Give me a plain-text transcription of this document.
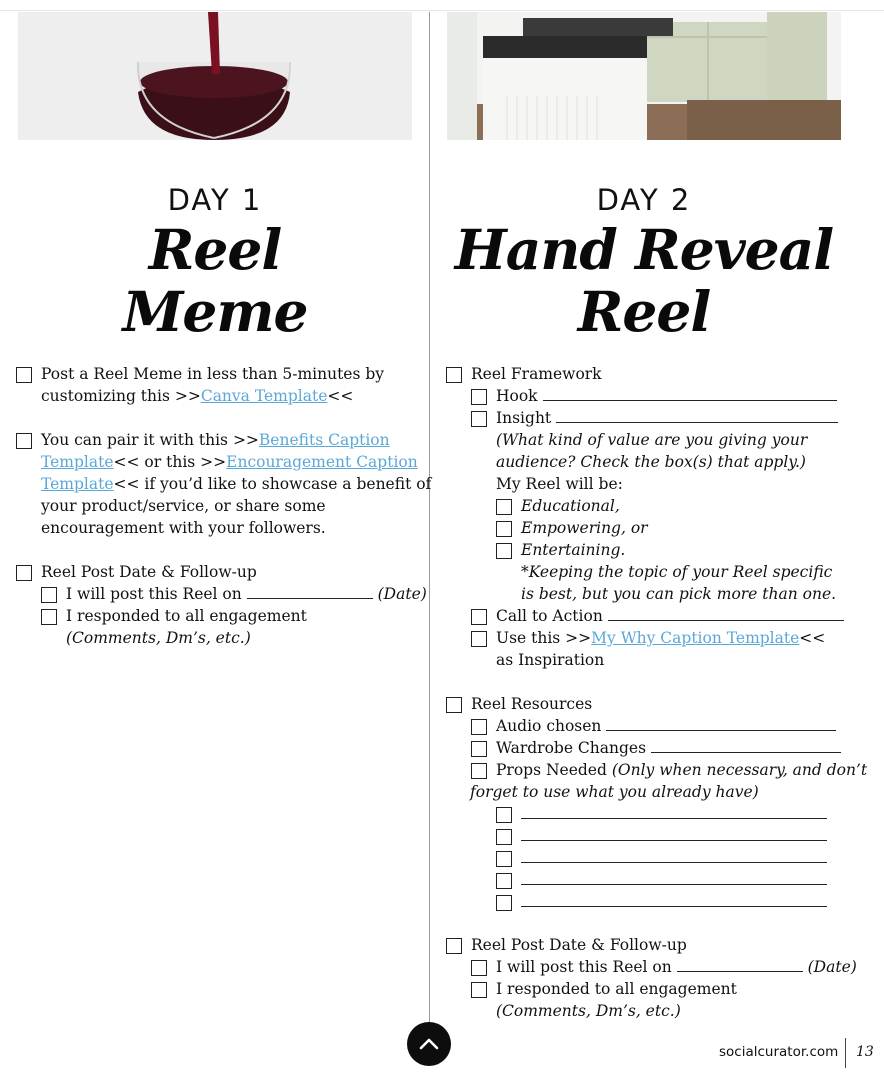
DAY 1
Reel
Meme
DAY 2
Hand Reveal
Reel
Post a Reel Meme in less than 5-minutes by
customizing this >>Canva Template<<
You can pair it with this >>Benefits Caption
Template<< or this >>Encouragement Caption
Template<< if you’d like to showcase a benefit of
your product/service, or share some
encouragement with your followers.
Reel Post Date & Follow-up
I will post this Reel on	(Date)
I responded to all engagement
(Comments, Dm’s, etc.)
Reel Framework
Hook
Insight
(What kind of value are you giving your
audience? Check the box(s) that apply.)
My Reel will be:
Educational,
Empowering, or
Entertaining.
*Keeping the topic of your Reel specific
is best, but you can pick more than one.
Call to Action
Use this >>My Why Caption Template<<
as Inspiration
Reel Resources
Audio chosen
Wardrobe Changes
Props Needed (Only when necessary, and don’t
forget to use what you already have)
Reel Post Date & Follow-up
I will post this Reel on	(Date)
I responded to all engagement
(Comments, Dm’s, etc.)
socialcurator.com 13
